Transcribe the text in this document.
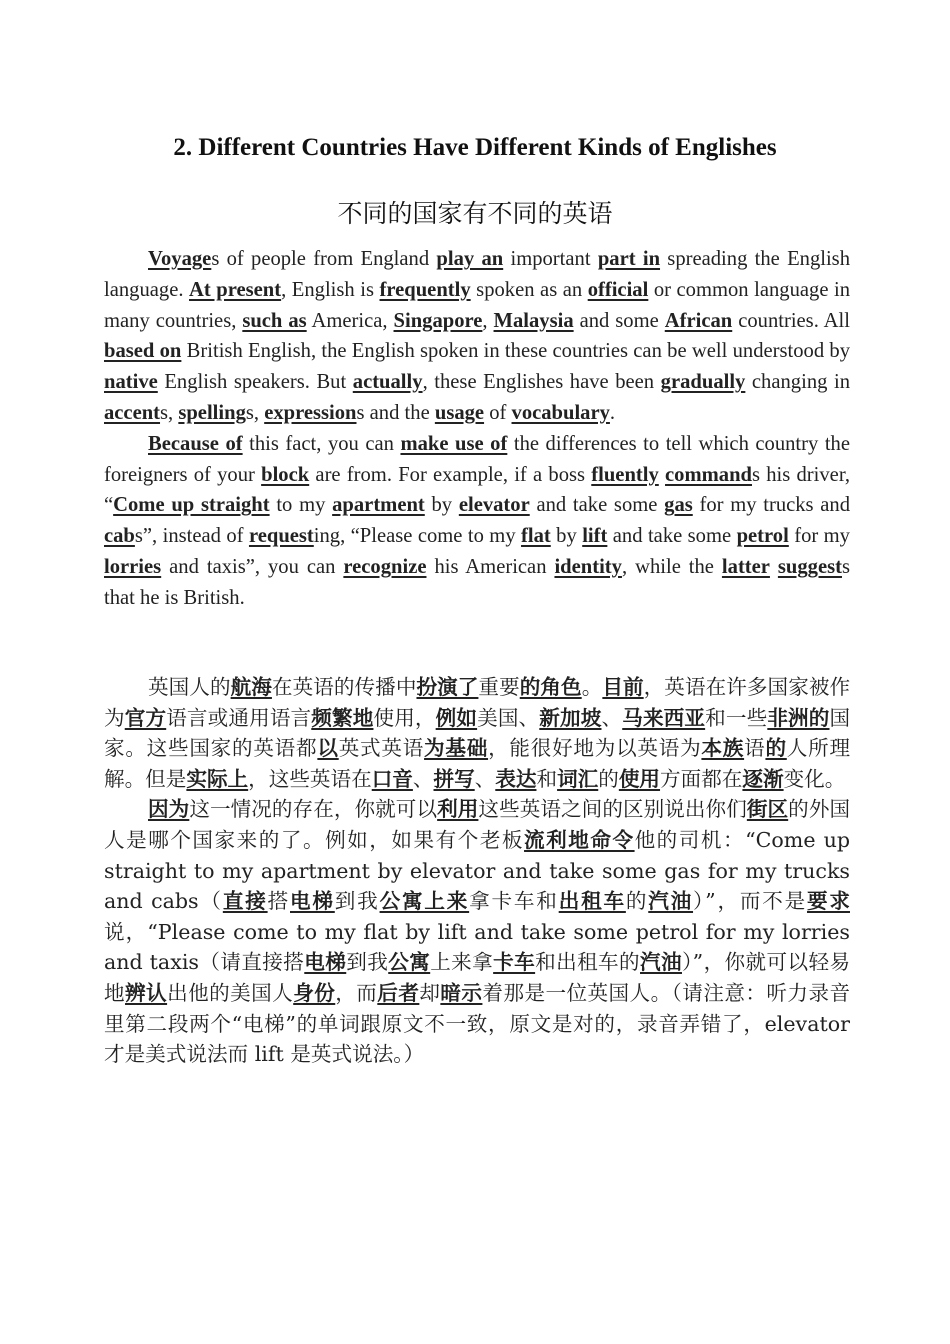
2. Different Countries Have Different Kinds of Englishes
不同的国家有不同的英语

Voyages of people from England play an important part in spreading the English language. At present, English is frequently spoken as an official or common language in many countries, such as America, Singapore, Malaysia and some African countries. All based on British English, the English spoken in these countries can be well understood by native English speakers. But actually, these Englishes have been gradually changing in accents, spellings, expressions and the usage of vocabulary.

Because of this fact, you can make use of the differences to tell which country the foreigners of your block are from. For example, if a boss fluently commands his driver, “Come up straight to my apartment by elevator and take some gas for my trucks and cabs”, instead of requesting, “Please come to my flat by lift and take some petrol for my lorries and taxis”, you can recognize his American identity, while the latter suggests that he is British.

英国人的航海在英语的传播中扮演了重要的角色。目前，英语在许多国家被作为官方语言或通用语言频繁地使用，例如美国、新加坡、马来西亚和一些非洲的国家。这些国家的英语都以英式英语为基础，能很好地为以英语为本族语的人所理解。但是实际上，这些英语在口音、拼写、表达和词汇的使用方面都在逐渐变化。

因为这一情况的存在，你就可以利用这些英语之间的区别说出你们街区的外国人是哪个国家来的了。例如，如果有个老板流利地命令他的司机：“Come up straight to my apartment by elevator and take some gas for my trucks and cabs（直接搭电梯到我公寓上来拿卡车和出租车的汽油）”，而不是要求说，“Please come to my flat by lift and take some petrol for my lorries and taxis（请直接搭电梯到我公寓上来拿卡车和出租车的汽油）”，你就可以轻易地辨认出他的美国人身份，而后者却暗示着那是一位英国人。（请注意：听力录音里第二段两个“电梯”的单词跟原文不一致，原文是对的，录音弄错了，elevator 才是美式说法而 lift 是英式说法。）
